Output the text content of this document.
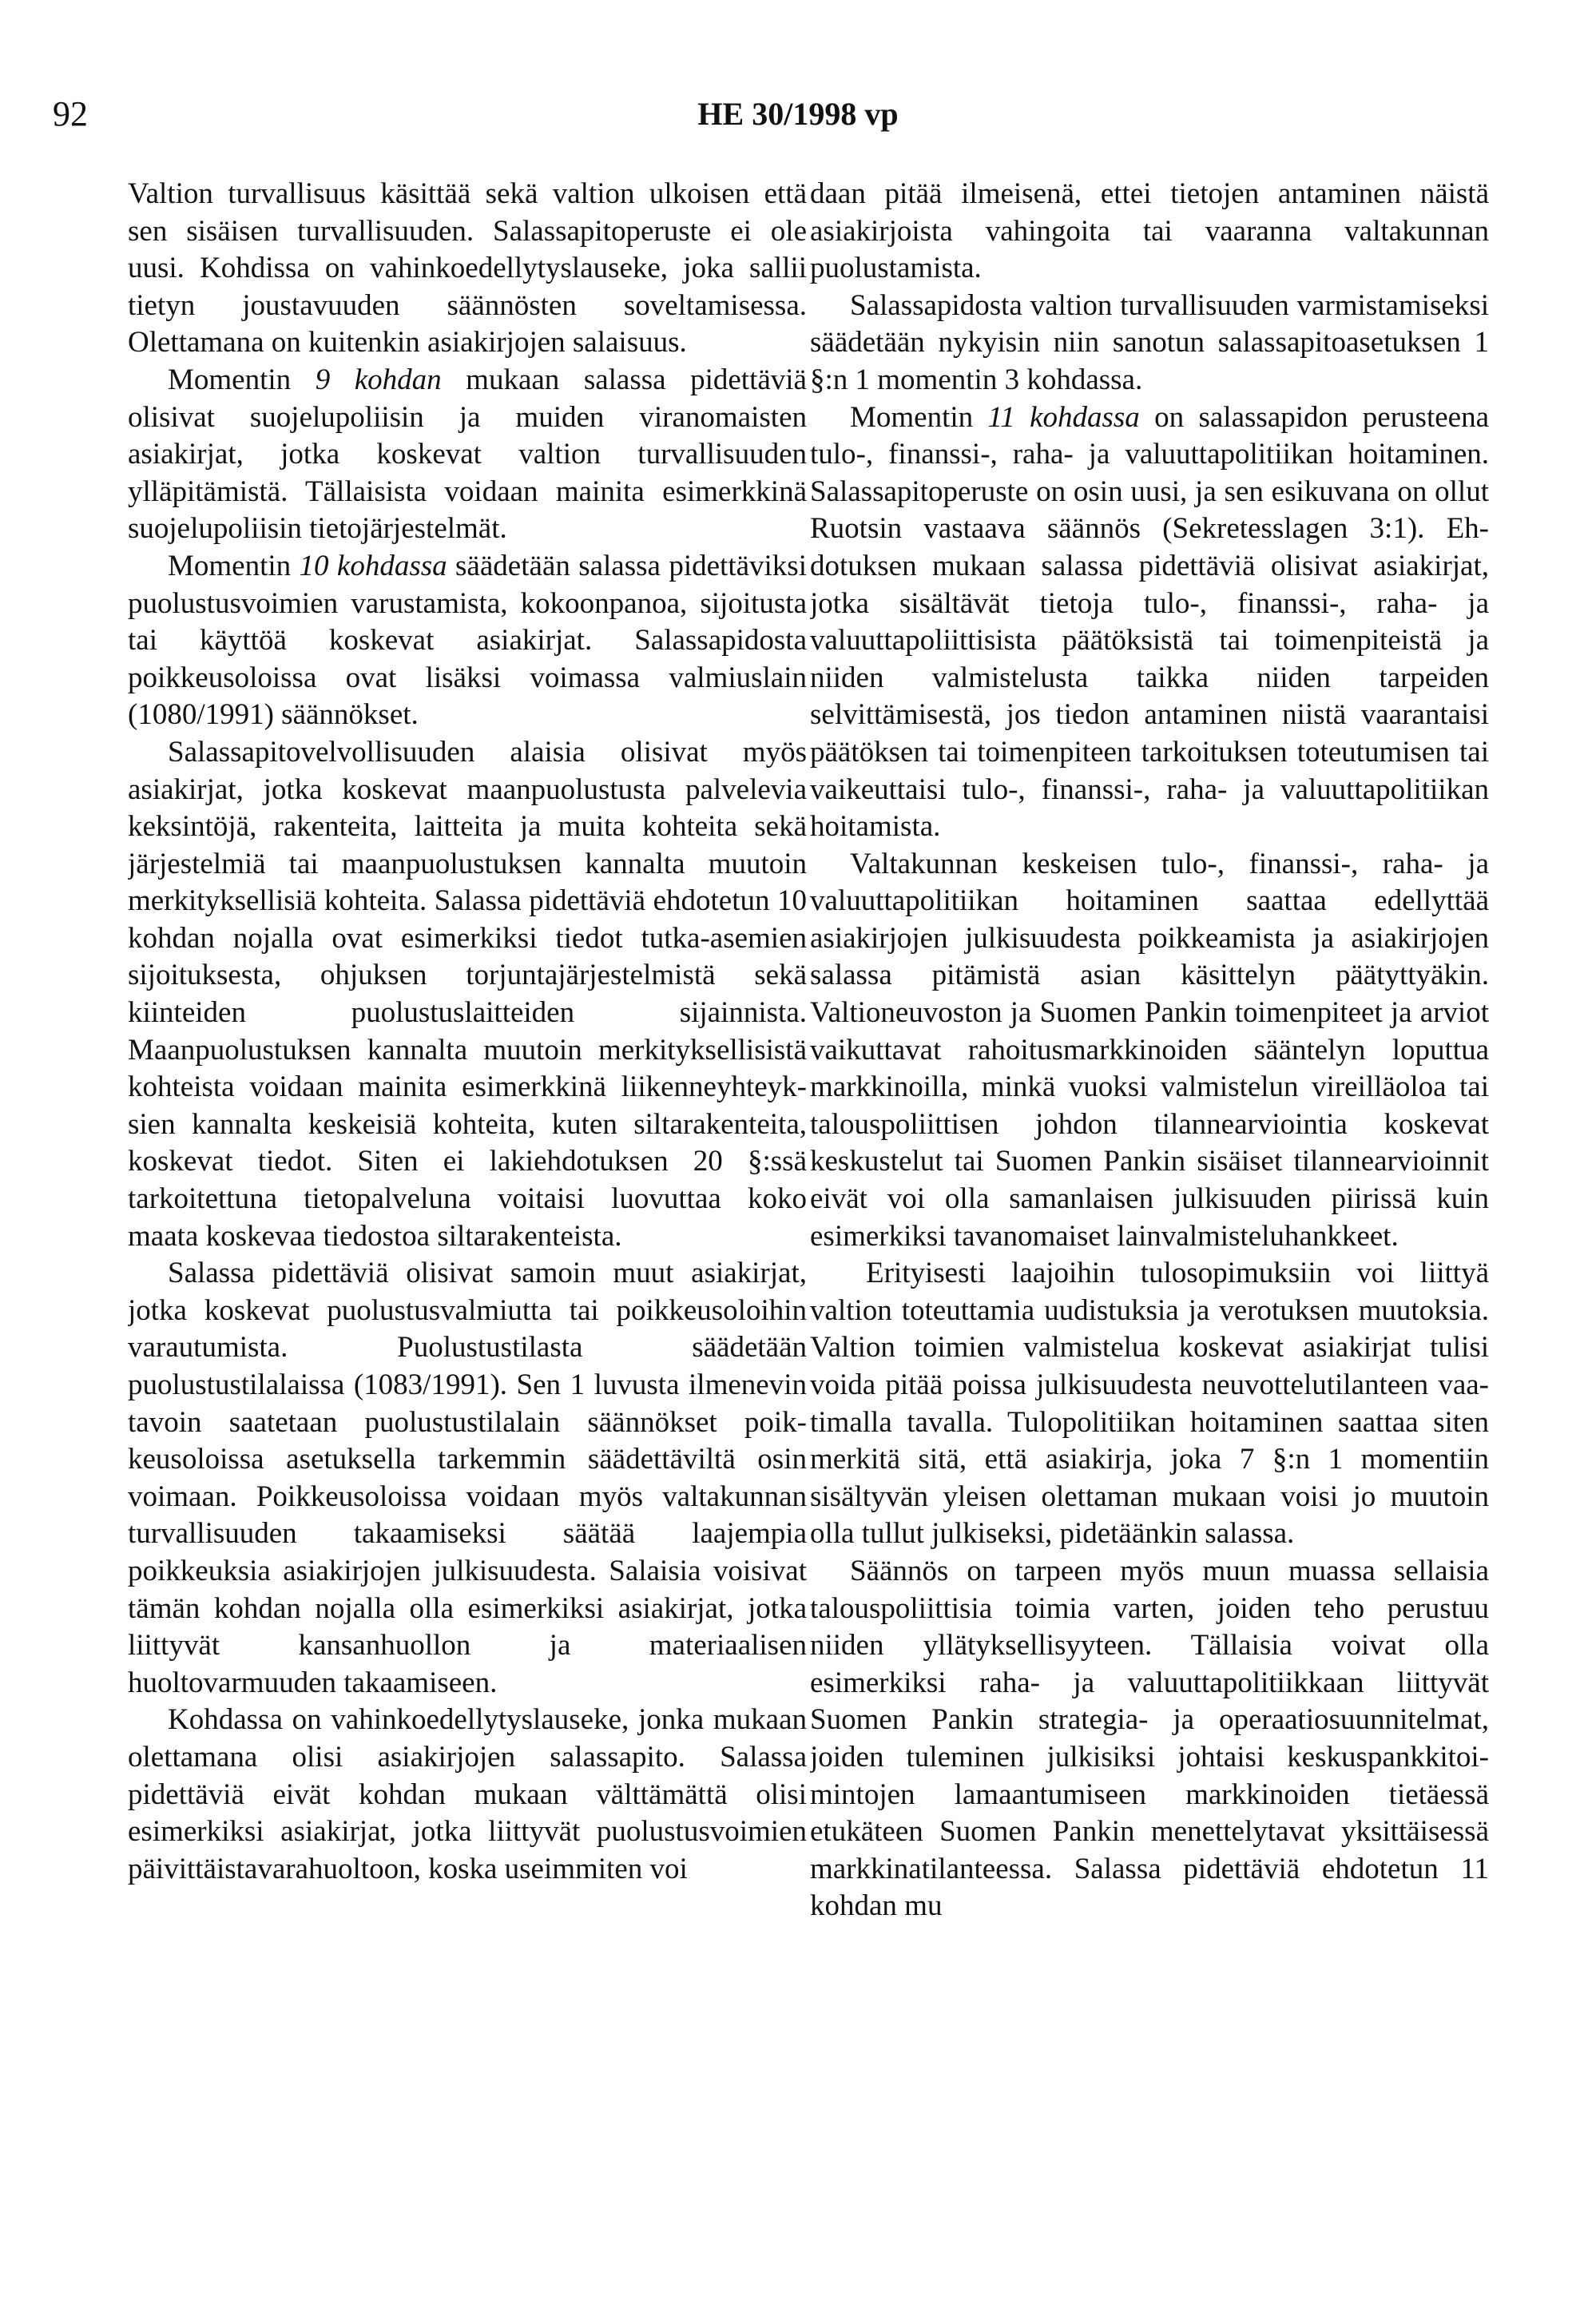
92	HE 30/1998 vp

Valtion turvallisuus käsittää sekä valtion ulkoisen että sen sisäisen turvallisuuden. Salassapitoperuste ei ole uusi. Kohdissa on vahinkoedellytyslauseke, joka sallii tietyn joustavuuden säännösten soveltamisessa. Olettamana on kuitenkin asiakirjojen salaisuus.

Momentin 9 kohdan mukaan salassa pidettäviä olisivat suojelupoliisin ja muiden viranomaisten asiakirjat, jotka koskevat valtion turvallisuuden ylläpitämistä. Tällaisista voidaan mainita esimerkkinä suojelupoliisin tietojärjestelmät.

Momentin 10 kohdassa säädetään salassa pidettäviksi puolustusvoimien varustamista, kokoonpanoa, sijoitusta tai käyttöä koskevat asiakirjat. Salassapidosta poikkeusoloissa ovat lisäksi voimassa valmiuslain (1080/1991) säännökset.

Salassapitovelvollisuuden alaisia olisivat myös asiakirjat, jotka koskevat maanpuolustusta palvelevia keksintöjä, rakenteita, laitteita ja muita kohteita sekä järjestelmiä tai maanpuolustuksen kannalta muutoin merkityksellisiä kohteita. Salassa pidettäviä ehdotetun 10 kohdan nojalla ovat esimerkiksi tiedot tutka-asemien sijoituksesta, ohjuksen torjuntajärjestelmistä sekä kiinteiden puolustuslaitteiden sijainnista. Maanpuolustuksen kannalta muutoin merkityksellisistä kohteista voidaan mainita esimerkkinä liikenneyhteyksien kannalta keskeisiä kohteita, kuten siltarakenteita, koskevat tiedot. Siten ei lakiehdotuksen 20 §:ssä tarkoitettuna tietopalveluna voitaisi luovuttaa koko maata koskevaa tiedostoa siltarakenteista.

Salassa pidettäviä olisivat samoin muut asiakirjat, jotka koskevat puolustusvalmiutta tai poikkeusoloihin varautumista. Puolustustilasta säädetään puolustustilalaissa (1083/1991). Sen 1 luvusta ilmenevin tavoin saatetaan puolustustilalain säännökset poikkeusoloissa asetuksella tarkemmin säädettäviltä osin voimaan. Poikkeusoloissa voidaan myös valtakunnan turvallisuuden takaamiseksi säätää laajempia poikkeuksia asiakirjojen julkisuudesta. Salaisia voisivat tämän kohdan nojalla olla esimerkiksi asiakirjat, jotka liittyvät kansanhuollon ja materiaalisen huoltovarmuuden takaamiseen.

Kohdassa on vahinkoedellytyslauseke, jonka mukaan olettamana olisi asiakirjojen salassapito. Salassa pidettäviä eivät kohdan mukaan välttämättä olisi esimerkiksi asiakirjat, jotka liittyvät puolustusvoimien päivittäistavarahuoltoon, koska useimmiten voi

daan pitää ilmeisenä, ettei tietojen antaminen näistä asiakirjoista vahingoita tai vaaranna valtakunnan puolustamista.

Salassapidosta valtion turvallisuuden varmistamiseksi säädetään nykyisin niin sanotun salassapitoasetuksen 1 §:n 1 momentin 3 kohdassa.

Momentin 11 kohdassa on salassapidon perusteena tulo-, finanssi-, raha- ja valuuttapolitiikan hoitaminen. Salassapitoperuste on osin uusi, ja sen esikuvana on ollut Ruotsin vastaava säännös (Sekretesslagen 3:1). Ehdotuksen mukaan salassa pidettäviä olisivat asiakirjat, jotka sisältävät tietoja tulo-, finanssi-, raha- ja valuuttapoliittisista päätöksistä tai toimenpiteistä ja niiden valmistelusta taikka niiden tarpeiden selvittämisestä, jos tiedon antaminen niistä vaarantaisi päätöksen tai toimenpiteen tarkoituksen toteutumisen tai vaikeuttaisi tulo-, finanssi-, raha- ja valuuttapolitiikan hoitamista.

Valtakunnan keskeisen tulo-, finanssi-, raha- ja valuuttapolitiikan hoitaminen saattaa edellyttää asiakirjojen julkisuudesta poikkeamista ja asiakirjojen salassa pitämistä asian käsittelyn päätyttyäkin. Valtioneuvoston ja Suomen Pankin toimenpiteet ja arviot vaikuttavat rahoitusmarkkinoiden sääntelyn loputtua markkinoilla, minkä vuoksi valmistelun vireilläoloa tai talouspoliittisen johdon tilannearviointia koskevat keskustelut tai Suomen Pankin sisäiset tilannearvioinnit eivät voi olla samanlaisen julkisuuden piirissä kuin esimerkiksi tavanomaiset lainvalmisteluhankkeet.

Erityisesti laajoihin tulosopimuksiin voi liittyä valtion toteuttamia uudistuksia ja verotuksen muutoksia. Valtion toimien valmistelua koskevat asiakirjat tulisi voida pitää poissa julkisuudesta neuvottelutilanteen vaatimalla tavalla. Tulopolitiikan hoitaminen saattaa siten merkitä sitä, että asiakirja, joka 7 §:n 1 momentiin sisältyvän yleisen olettaman mukaan voisi jo muutoin olla tullut julkiseksi, pidetäänkin salassa.

Säännös on tarpeen myös muun muassa sellaisia talouspoliittisia toimia varten, joiden teho perustuu niiden yllätyksellisyyteen. Tällaisia voivat olla esimerkiksi raha- ja valuuttapolitiikkaan liittyvät Suomen Pankin strategia- ja operaatiosuunnitelmat, joiden tuleminen julkisiksi johtaisi keskuspankkitoimintojen lamaantumiseen markkinoiden tietäessä etukäteen Suomen Pankin menettelytavat yksittäisessä markkinatilanteessa. Salassa pidettäviä ehdotetun 11 kohdan mu
